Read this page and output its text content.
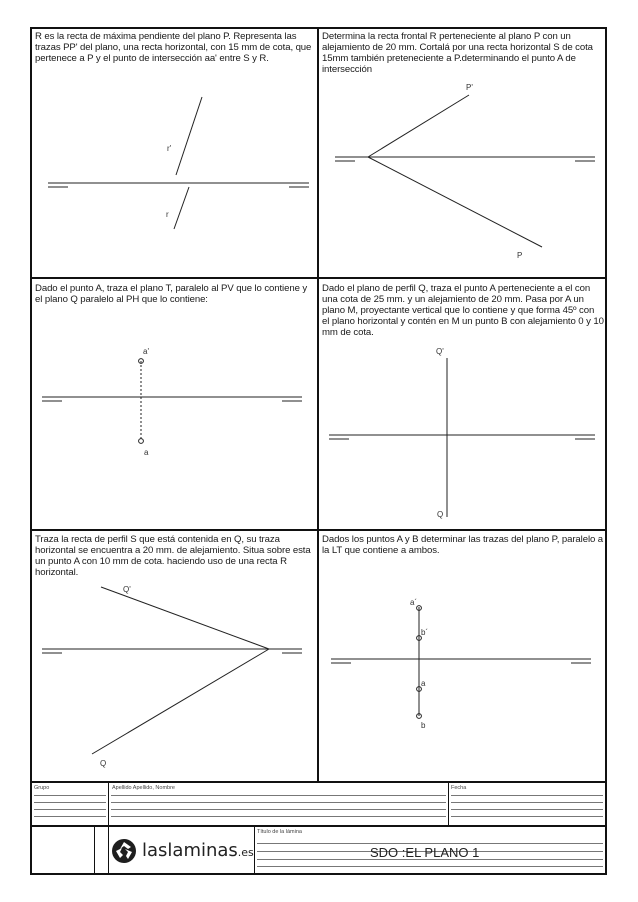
R es la recta de máxima pendiente del plano P. Representa las trazas PP' del plano, una recta horizontal, con 15 mm de cota, que pertenece a P y el punto de intersección aa' entre S y R.

r'
r

Determina la recta frontal R perteneciente al plano P con un alejamiento de 20 mm. Cortalá por una recta horizontal S de cota 15mm también preteneciente a P.determinando el punto A de intersección

P'
P

Dado el punto A, traza el plano T, paralelo al PV que lo contiene y el plano Q paralelo al PH que lo contiene:

a'
a

Dado el plano de perfil Q, traza el punto A perteneciente a el con una cota de 25 mm. y un alejamiento de 20 mm. Pasa por A un plano M, proyectante vertical que lo contiene y que forma 45º con el plano horizontal y contén en M un punto B con alejamiento 0 y 10 mm de cota.

Q'
Q

Traza la recta de perfil S que está contenida en Q, su traza horizontal se encuentra a 20 mm. de alejamiento. Situa sobre esta un punto A con 10 mm de cota. haciendo uso de una recta R horizontal.

Q'
Q

Dados los puntos A y B determinar las trazas del plano P, paralelo a la LT que contiene a ambos.

a´
b´
a
b
Grupo	Apellido Apellido, Nombre	Fecha
Título de la lámina
laslaminas.es	SDO :EL PLANO 1
